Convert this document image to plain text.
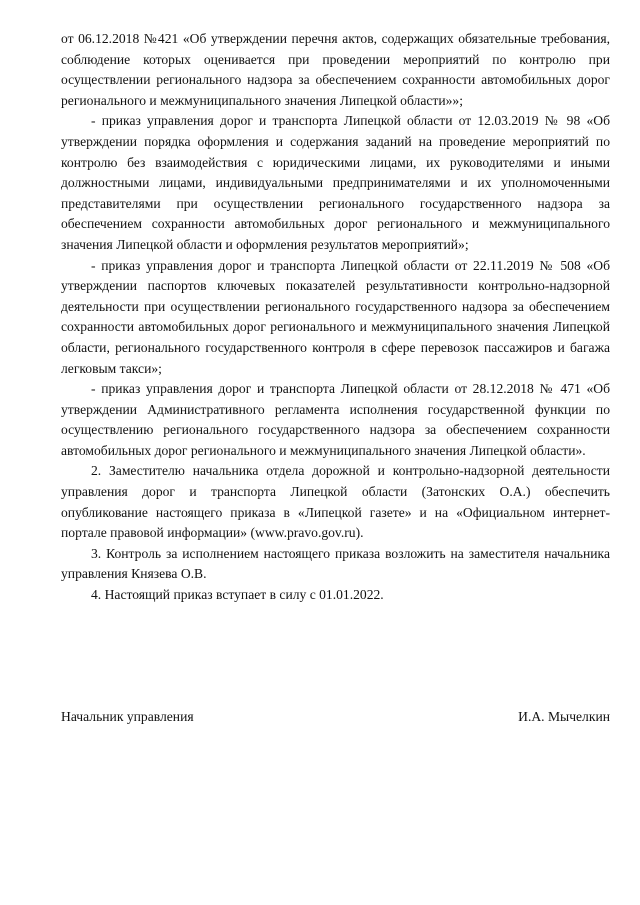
от 06.12.2018 №421 «Об утверждении перечня актов, содержащих обязательные требования, соблюдение которых оценивается при проведении мероприятий по контролю при осуществлении регионального надзора за обеспечением сохранности автомобильных дорог регионального и межмуниципального значения Липецкой области»»;

- приказ управления дорог и транспорта Липецкой области от 12.03.2019 № 98 «Об утверждении порядка оформления и содержания заданий на проведение мероприятий по контролю без взаимодействия с юридическими лицами, их руководителями и иными должностными лицами, индивидуальными предпринимателями и их уполномоченными представителями при осуществлении регионального государственного надзора за обеспечением сохранности автомобильных дорог регионального и межмуниципального значения Липецкой области и оформления результатов мероприятий»;

- приказ управления дорог и транспорта Липецкой области от 22.11.2019 № 508 «Об утверждении паспортов ключевых показателей результативности контрольно-надзорной деятельности при осуществлении регионального государственного надзора за обеспечением сохранности автомобильных дорог регионального и межмуниципального значения Липецкой области, регионального государственного контроля в сфере перевозок пассажиров и багажа легковым такси»;

- приказ управления дорог и транспорта Липецкой области от 28.12.2018 № 471 «Об утверждении Административного регламента исполнения государственной функции по осуществлению регионального государственного надзора за обеспечением сохранности автомобильных дорог регионального и межмуниципального значения Липецкой области».

2. Заместителю начальника отдела дорожной и контрольно-надзорной деятельности управления дорог и транспорта Липецкой области (Затонских О.А.) обеспечить опубликование настоящего приказа в «Липецкой газете» и на «Официальном интернет-портале правовой информации» (www.pravo.gov.ru).

3. Контроль за исполнением настоящего приказа возложить на заместителя начальника управления Князева О.В.

4. Настоящий приказ вступает в силу с 01.01.2022.

Начальник управления	И.А. Мычелкин
